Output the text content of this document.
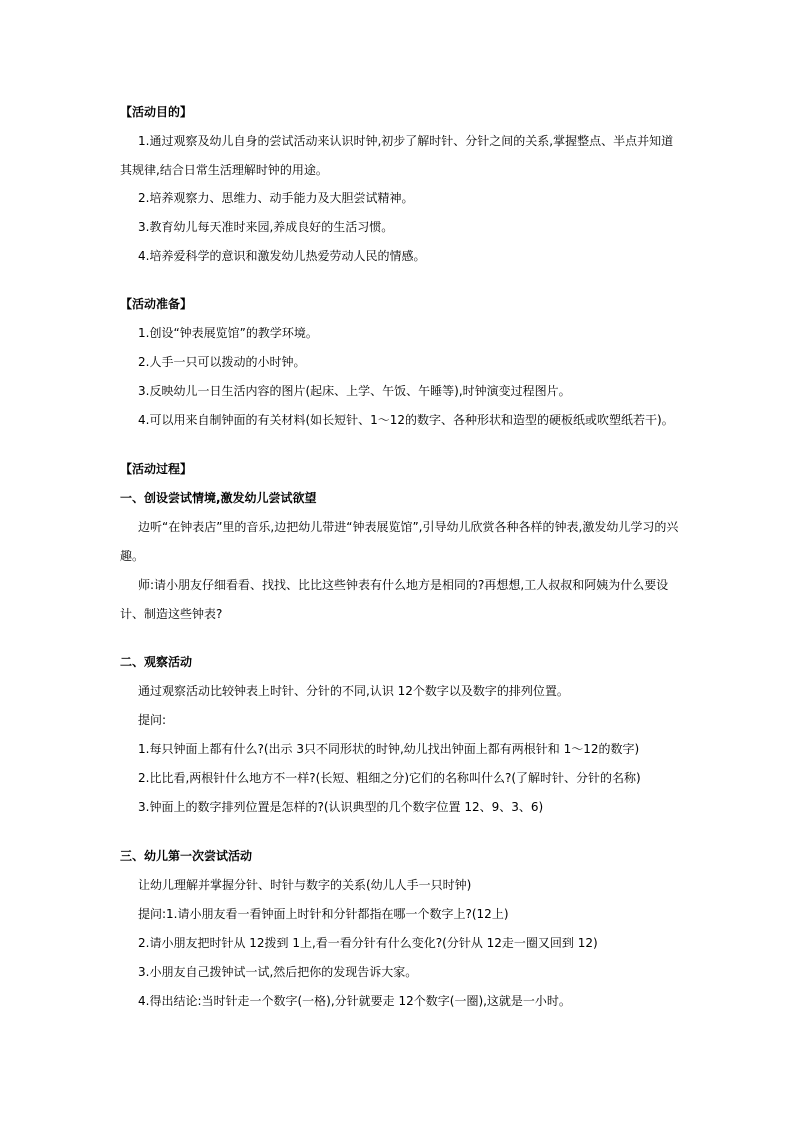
【活动目的】
1.通过观察及幼儿自身的尝试活动来认识时钟,初步了解时针、分针之间的关系,掌握整点、半点并知道
其规律,结合日常生活理解时钟的用途。
2.培养观察力、思维力、动手能力及大胆尝试精神。
3.教育幼儿每天准时来园,养成良好的生活习惯。
4.培养爱科学的意识和激发幼儿热爱劳动人民的情感。
【活动准备】
1.创设“钟表展览馆”的教学环境。
2.人手一只可以拨动的小时钟。
3.反映幼儿一日生活内容的图片(起床、上学、午饭、午睡等),时钟演变过程图片。
4.可以用来自制钟面的有关材料(如长短针、1～12的数字、各种形状和造型的硬板纸或吹塑纸若干)。
【活动过程】
一、创设尝试情境,激发幼儿尝试欲望
边听“在钟表店”里的音乐,边把幼儿带进“钟表展览馆”,引导幼儿欣赏各种各样的钟表,激发幼儿学习的兴
趣。
师:请小朋友仔细看看、找找、比比这些钟表有什么地方是相同的?再想想,工人叔叔和阿姨为什么要设
计、制造这些钟表?
二、观察活动
通过观察活动比较钟表上时针、分针的不同,认识 12个数字以及数字的排列位置。
提问:
1.每只钟面上都有什么?(出示 3只不同形状的时钟,幼儿找出钟面上都有两根针和 1～12的数字)
2.比比看,两根针什么地方不一样?(长短、粗细之分)它们的名称叫什么?(了解时针、分针的名称)
3.钟面上的数字排列位置是怎样的?(认识典型的几个数字位置 12、9、3、6)
三、幼儿第一次尝试活动
让幼儿理解并掌握分针、时针与数字的关系(幼儿人手一只时钟)
提问:1.请小朋友看一看钟面上时针和分针都指在哪一个数字上?(12上)
2.请小朋友把时针从 12拨到 1上,看一看分针有什么变化?(分针从 12走一圈又回到 12)
3.小朋友自己拨钟试一试,然后把你的发现告诉大家。
4.得出结论:当时针走一个数字(一格),分针就要走 12个数字(一圈),这就是一小时。
